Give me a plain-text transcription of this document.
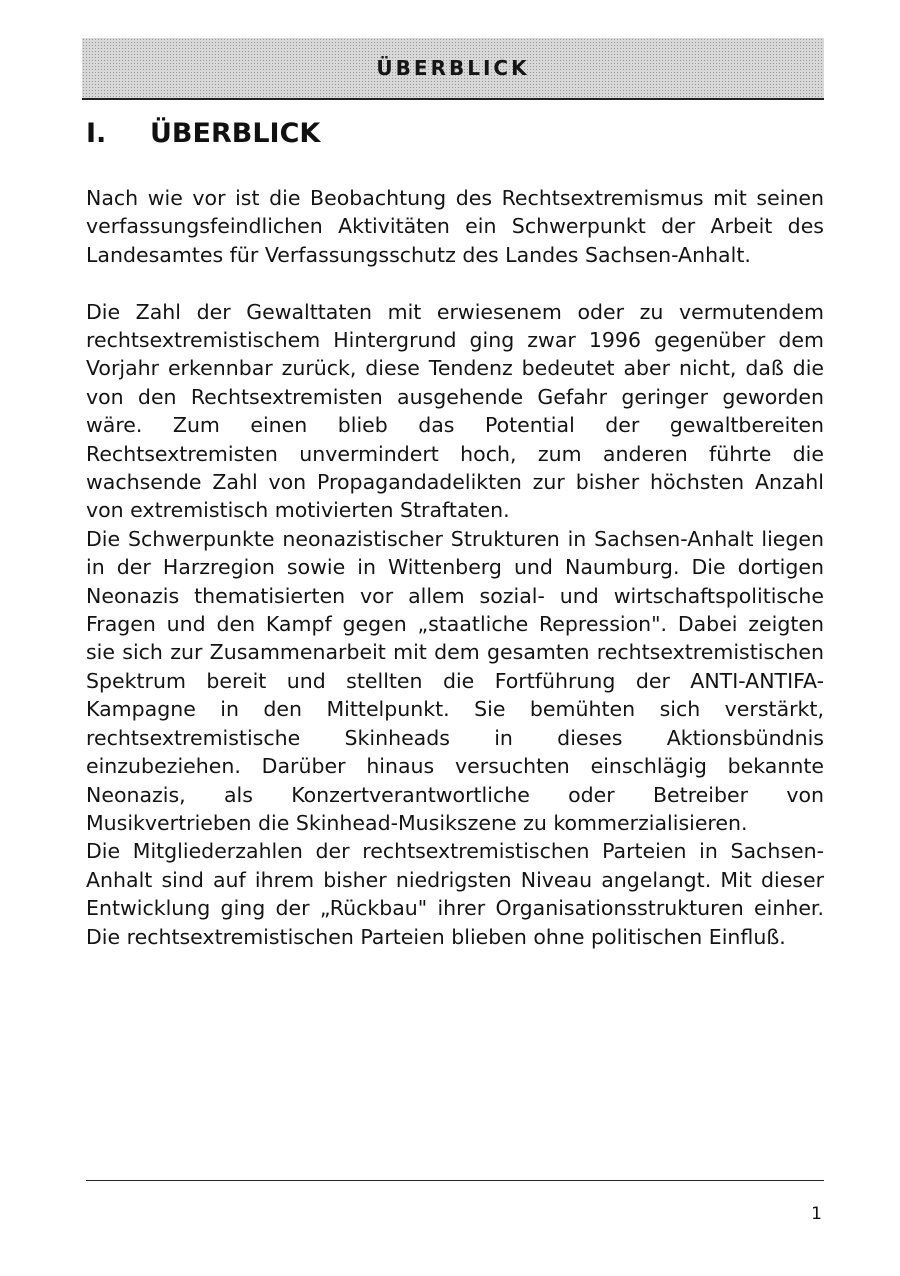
ÜBERBLICK
I.	ÜBERBLICK

Nach wie vor ist die Beobachtung des Rechtsextremismus mit seinen verfassungsfeindlichen Aktivitäten ein Schwerpunkt der Arbeit des Landesamtes für Verfassungsschutz des Landes Sachsen-Anhalt.

Die Zahl der Gewalttaten mit erwiesenem oder zu vermutendem rechtsextremistischem Hintergrund ging zwar 1996 gegenüber dem Vorjahr erkennbar zurück, diese Tendenz bedeutet aber nicht, daß die von den Rechtsextremisten ausgehende Gefahr geringer geworden wäre. Zum einen blieb das Potential der gewaltbereiten Rechtsextremisten unvermindert hoch, zum anderen führte die wachsende Zahl von Propagandadelikten zur bisher höchsten Anzahl von extremistisch motivierten Straftaten.

Die Schwerpunkte neonazistischer Strukturen in Sachsen-Anhalt liegen in der Harzregion sowie in Wittenberg und Naumburg. Die dortigen Neonazis thematisierten vor allem sozial- und wirtschaftspolitische Fragen und den Kampf gegen „staatliche Repression". Dabei zeigten sie sich zur Zusammenarbeit mit dem gesamten rechtsextremistischen Spektrum bereit und stellten die Fortführung der ANTI-ANTIFA-Kampagne in den Mittelpunkt. Sie bemühten sich verstärkt, rechtsextremistische Skinheads in dieses Aktionsbündnis einzubeziehen. Darüber hinaus versuchten einschlägig bekannte Neonazis, als Konzertverantwortliche oder Betreiber von Musikvertrieben die Skinhead-Musikszene zu kommerzialisieren.

Die Mitgliederzahlen der rechtsextremistischen Parteien in Sachsen-Anhalt sind auf ihrem bisher niedrigsten Niveau angelangt. Mit dieser Entwicklung ging der „Rückbau" ihrer Organisationsstrukturen einher. Die rechtsextremistischen Parteien blieben ohne politischen Einfluß.

1
